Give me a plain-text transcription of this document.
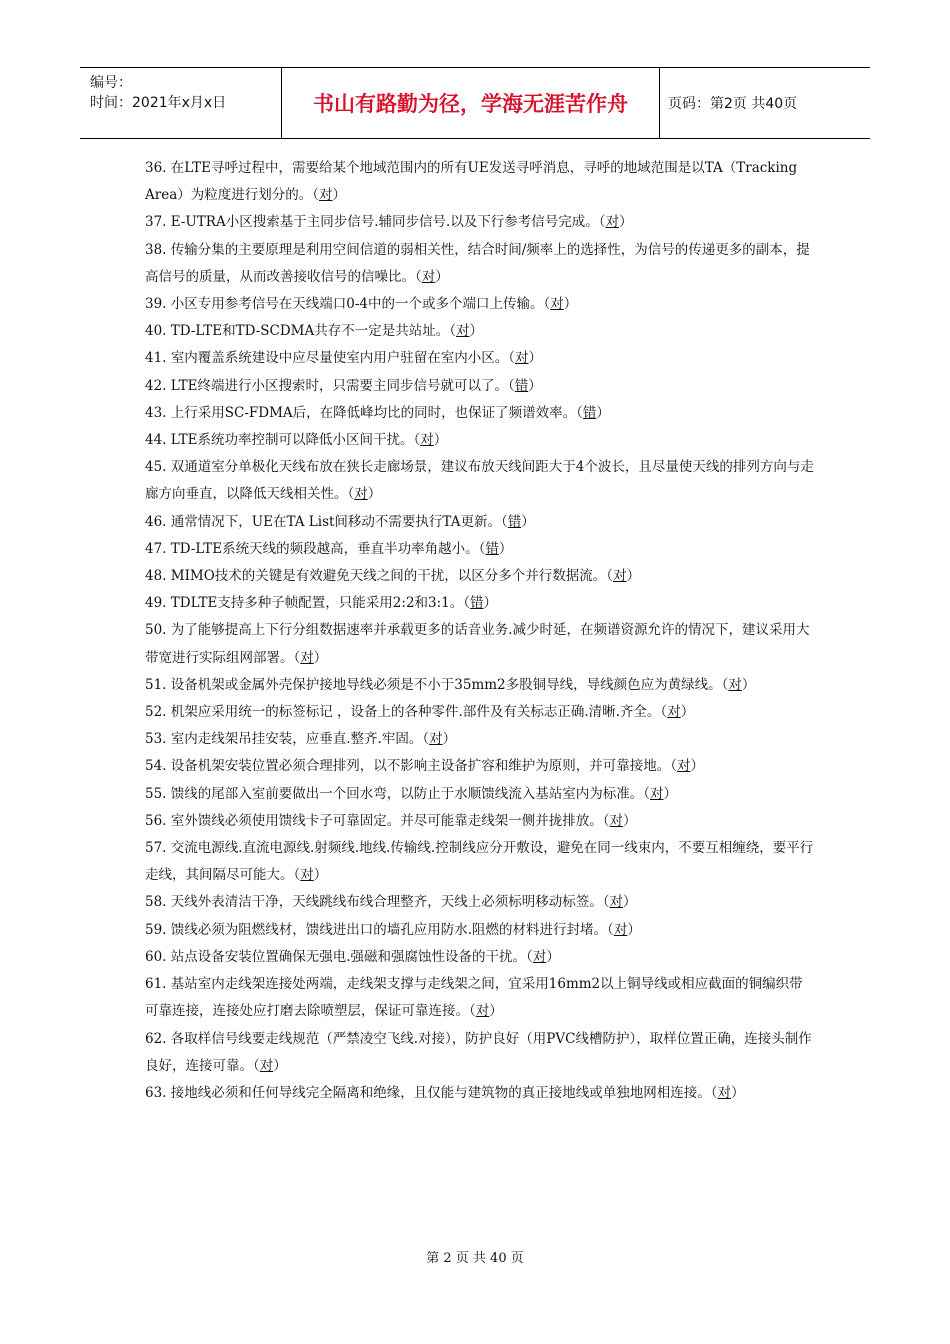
编号：
时间：2021年x月x日	书山有路勤为径，学海无涯苦作舟	页码：第2页 共40页

36. 在LTE寻呼过程中，需要给某个地域范围内的所有UE发送寻呼消息，寻呼的地域范围是以TA（Tracking Area）为粒度进行划分的。（对）

37. E-UTRA小区搜索基于主同步信号.辅同步信号.以及下行参考信号完成。（对）

38. 传输分集的主要原理是利用空间信道的弱相关性，结合时间/频率上的选择性，为信号的传递更多的副本，提高信号的质量，从而改善接收信号的信噪比。（对）

39. 小区专用参考信号在天线端口0-4中的一个或多个端口上传输。（对）

40. TD-LTE和TD-SCDMA共存不一定是共站址。（对）

41. 室内覆盖系统建设中应尽量使室内用户驻留在室内小区。（对）

42. LTE终端进行小区搜索时，只需要主同步信号就可以了。（错）

43. 上行采用SC-FDMA后，在降低峰均比的同时，也保证了频谱效率。（错）

44. LTE系统功率控制可以降低小区间干扰。（对）

45. 双通道室分单极化天线布放在狭长走廊场景，建议布放天线间距大于4个波长，且尽量使天线的排列方向与走廊方向垂直，以降低天线相关性。（对）

46. 通常情况下，UE在TA List间移动不需要执行TA更新。（错）

47. TD-LTE系统天线的频段越高，垂直半功率角越小。（错）

48. MIMO技术的关键是有效避免天线之间的干扰，以区分多个并行数据流。（对）

49. TDLTE支持多种子帧配置，只能采用2:2和3:1。（错）

50. 为了能够提高上下行分组数据速率并承载更多的话音业务.减少时延，在频谱资源允许的情况下，建议采用大带宽进行实际组网部署。（对）

51. 设备机架或金属外壳保护接地导线必须是不小于35mm2多股铜导线，导线颜色应为黄绿线。（对）

52. 机架应采用统一的标签标记 ，设备上的各种零件.部件及有关标志正确.清晰.齐全。（对）

53. 室内走线架吊挂安装，应垂直.整齐.牢固。（对）

54. 设备机架安装位置必须合理排列，以不影响主设备扩容和维护为原则，并可靠接地。（对）

55. 馈线的尾部入室前要做出一个回水弯，以防止于水顺馈线流入基站室内为标准。（对）

56. 室外馈线必须使用馈线卡子可靠固定。并尽可能靠走线架一侧并拢排放。（对）

57. 交流电源线.直流电源线.射频线.地线.传输线.控制线应分开敷设，避免在同一线束内，不要互相缠绕，要平行走线，其间隔尽可能大。（对）

58. 天线外表清洁干净，天线跳线布线合理整齐，天线上必须标明移动标签。（对）

59. 馈线必须为阻燃线材，馈线进出口的墙孔应用防水.阻燃的材料进行封堵。（对）

60. 站点设备安装位置确保无强电.强磁和强腐蚀性设备的干扰。（对）

61. 基站室内走线架连接处两端，走线架支撑与走线架之间，宜采用16mm2以上铜导线或相应截面的铜编织带可靠连接，连接处应打磨去除喷塑层，保证可靠连接。（对）

62. 各取样信号线要走线规范（严禁凌空飞线.对接），防护良好（用PVC线槽防护），取样位置正确，连接头制作良好，连接可靠。（对）

63. 接地线必须和任何导线完全隔离和绝缘，且仅能与建筑物的真正接地线或单独地网相连接。（对）

第 2 页 共 40 页
